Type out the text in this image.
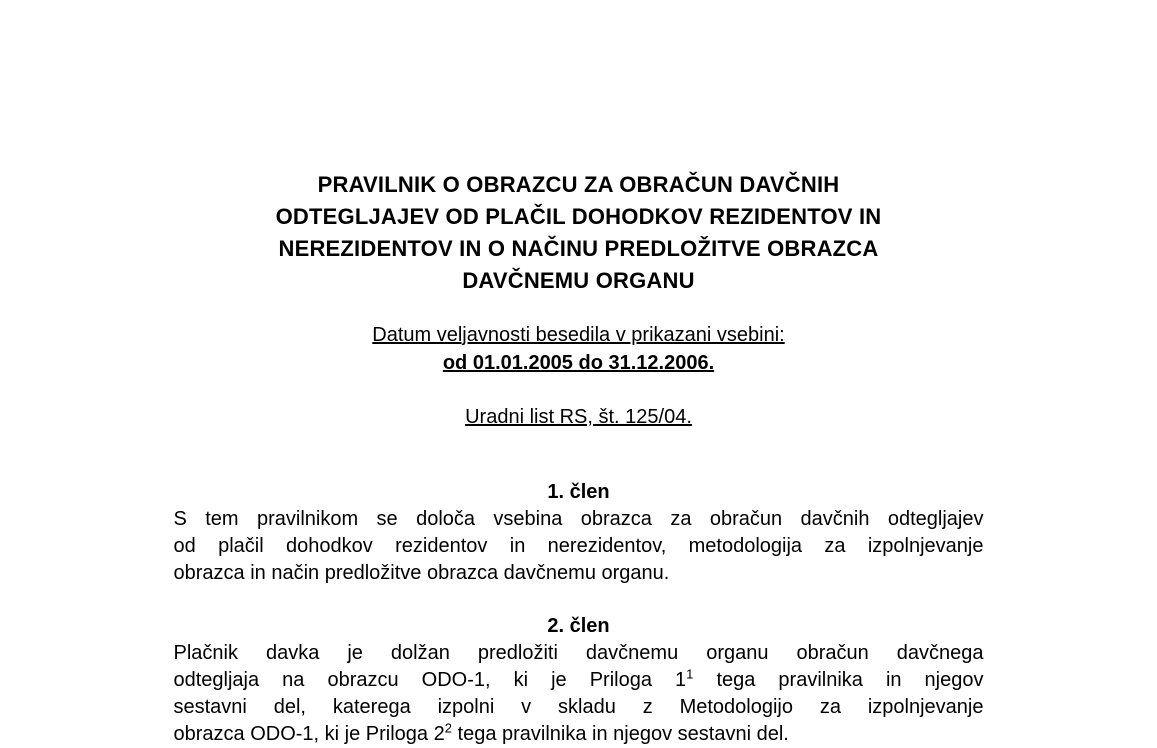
PRAVILNIK O OBRAZCU ZA OBRAČUN DAVČNIH
ODTEGLJAJEV OD PLAČIL DOHODKOV REZIDENTOV IN
NEREZIDENTOV IN O NAČINU PREDLOŽITVE OBRAZCA
DAVČNEMU ORGANU
Datum veljavnosti besedila v prikazani vsebini:
od 01.01.2005 do 31.12.2006.
Uradni list RS, št. 125/04.
1. člen
S tem pravilnikom se določa vsebina obrazca za obračun davčnih odtegljajev
od plačil dohodkov rezidentov in nerezidentov, metodologija za izpolnjevanje
obrazca in način predložitve obrazca davčnemu organu.
2. člen
Plačnik davka je dolžan predložiti davčnemu organu obračun davčnega
odtegljaja na obrazcu ODO-1, ki je Priloga $1^1$ tega pravilnika in njegov
sestavni del, katerega izpolni v skladu z Metodologijo za izpolnjevanje
obrazca ODO-1, ki je Priloga $2^2$ tega pravilnika in njegov sestavni del.
